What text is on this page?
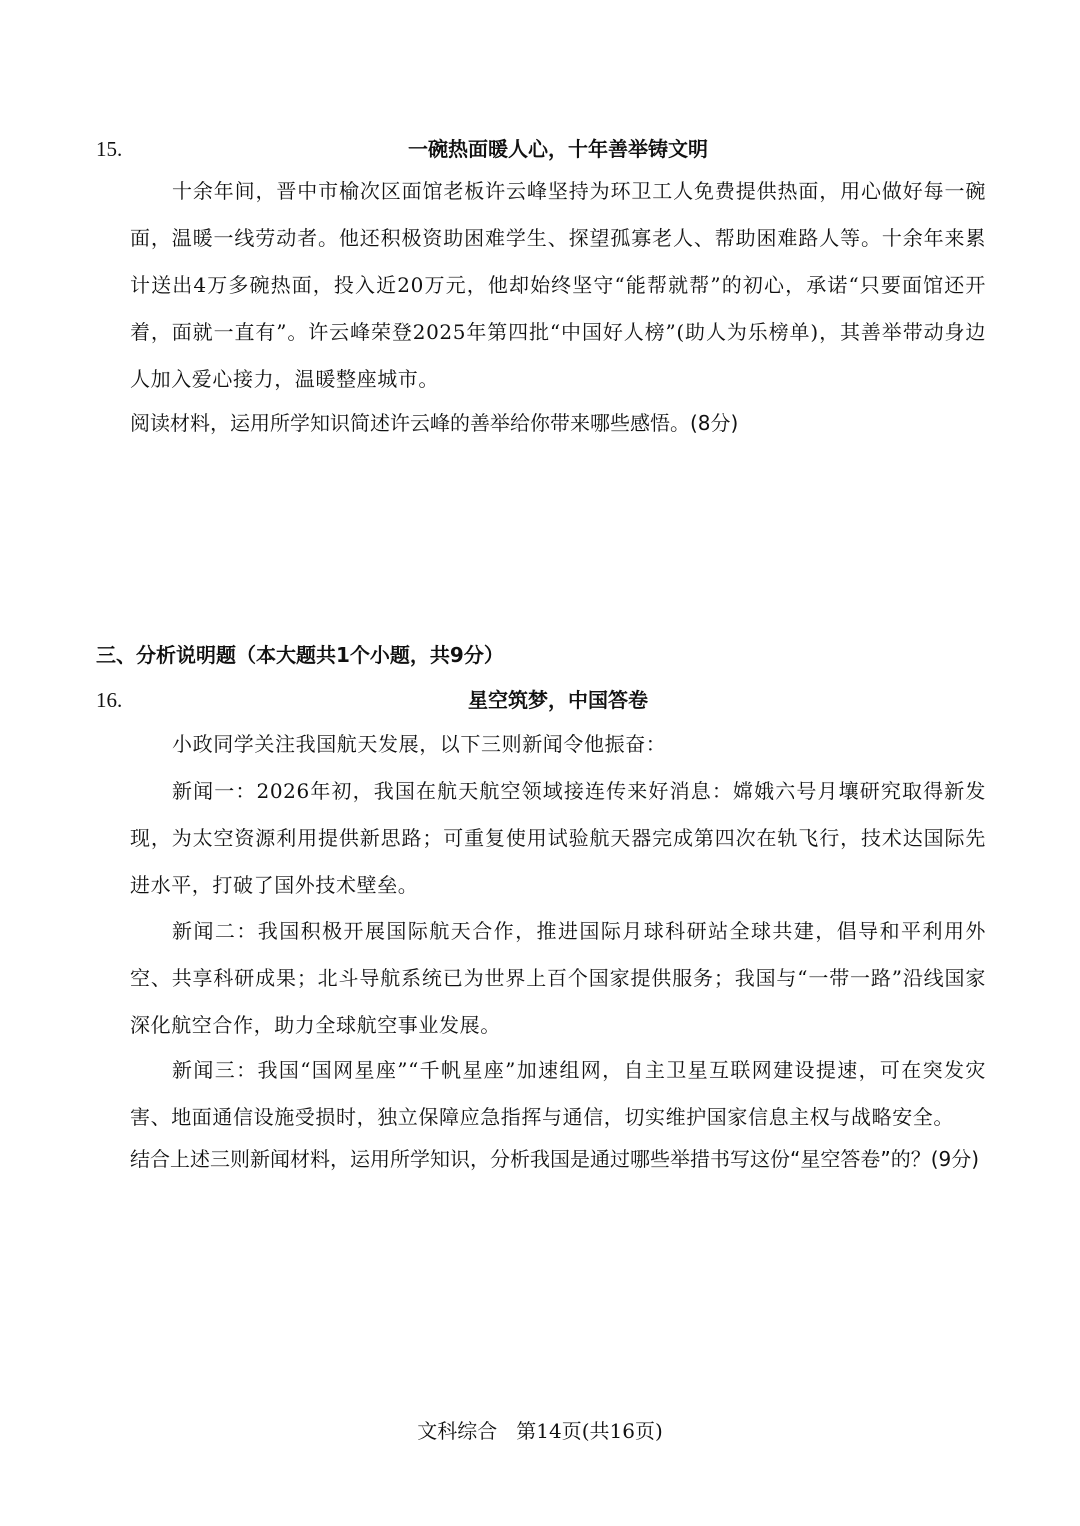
15.	一碗热面暖人心，十年善举铸文明

十余年间，晋中市榆次区面馆老板许云峰坚持为环卫工人免费提供热面，用心做好每一碗面，温暖一线劳动者。他还积极资助困难学生、探望孤寡老人、帮助困难路人等。十余年来累计送出4万多碗热面，投入近20万元，他却始终坚守“能帮就帮”的初心，承诺“只要面馆还开着，面就一直有”。许云峰荣登2025年第四批“中国好人榜”(助人为乐榜单)，其善举带动身边人加入爱心接力，温暖整座城市。

阅读材料，运用所学知识简述许云峰的善举给你带来哪些感悟。(8分)

三、分析说明题（本大题共1个小题，共9分）
16.	星空筑梦，中国答卷

小政同学关注我国航天发展，以下三则新闻令他振奋：

新闻一：2026年初，我国在航天航空领域接连传来好消息：嫦娥六号月壤研究取得新发现，为太空资源利用提供新思路；可重复使用试验航天器完成第四次在轨飞行，技术达国际先进水平，打破了国外技术壁垒。

新闻二：我国积极开展国际航天合作，推进国际月球科研站全球共建，倡导和平利用外空、共享科研成果；北斗导航系统已为世界上百个国家提供服务；我国与“一带一路”沿线国家深化航空合作，助力全球航空事业发展。

新闻三：我国“国网星座”“千帆星座”加速组网，自主卫星互联网建设提速，可在突发灾害、地面通信设施受损时，独立保障应急指挥与通信，切实维护国家信息主权与战略安全。

结合上述三则新闻材料，运用所学知识，分析我国是通过哪些举措书写这份“星空答卷”的？(9分)

文科综合 第14页(共16页)
